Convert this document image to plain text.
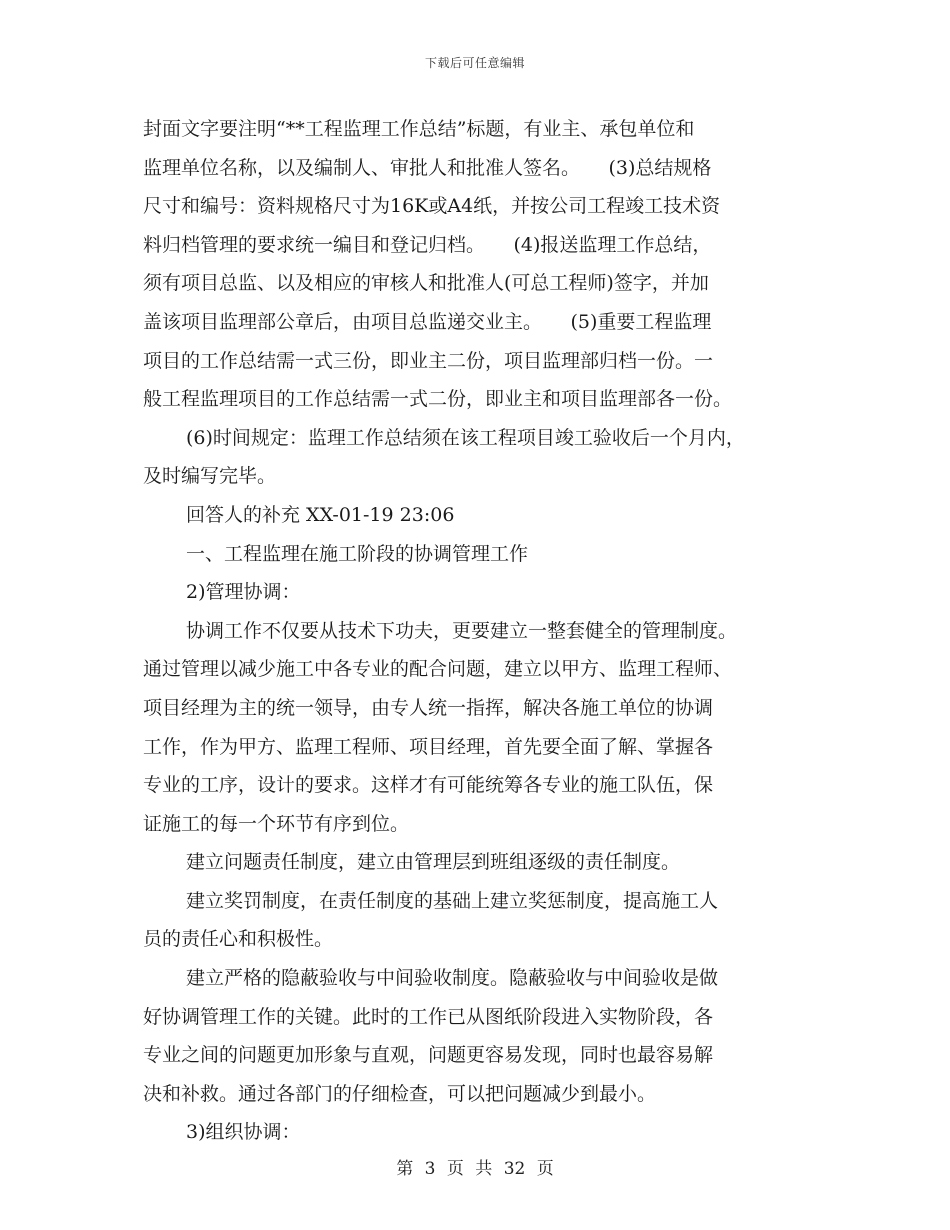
下载后可任意编辑
封面文字要注明“**工程监理工作总结”标题，有业主、承包单位和
监理单位名称，以及编制人、审批人和批准人签名。　　(3)总结规格
尺寸和编号：资料规格尺寸为16K或A4纸，并按公司工程竣工技术资
料归档管理的要求统一编目和登记归档。　　(4)报送监理工作总结，
须有项目总监、以及相应的审核人和批准人(可总工程师)签字，并加
盖该项目监理部公章后，由项目总监递交业主。　　(5)重要工程监理
项目的工作总结需一式三份，即业主二份，项目监理部归档一份。一
般工程监理项目的工作总结需一式二份，即业主和项目监理部各一份。
(6)时间规定：监理工作总结须在该工程项目竣工验收后一个月内，
及时编写完毕。
回答人的补充 XX-01-19 23:06
一、工程监理在施工阶段的协调管理工作
2)管理协调：
协调工作不仅要从技术下功夫，更要建立一整套健全的管理制度。
通过管理以减少施工中各专业的配合问题，建立以甲方、监理工程师、
项目经理为主的统一领导，由专人统一指挥，解决各施工单位的协调
工作，作为甲方、监理工程师、项目经理，首先要全面了解、掌握各
专业的工序，设计的要求。这样才有可能统筹各专业的施工队伍，保
证施工的每一个环节有序到位。
建立问题责任制度，建立由管理层到班组逐级的责任制度。
建立奖罚制度，在责任制度的基础上建立奖惩制度，提高施工人
员的责任心和积极性。
建立严格的隐蔽验收与中间验收制度。隐蔽验收与中间验收是做
好协调管理工作的关键。此时的工作已从图纸阶段进入实物阶段，各
专业之间的问题更加形象与直观，问题更容易发现，同时也最容易解
决和补救。通过各部门的仔细检查，可以把问题减少到最小。
3)组织协调：
第 3 页 共 32 页
